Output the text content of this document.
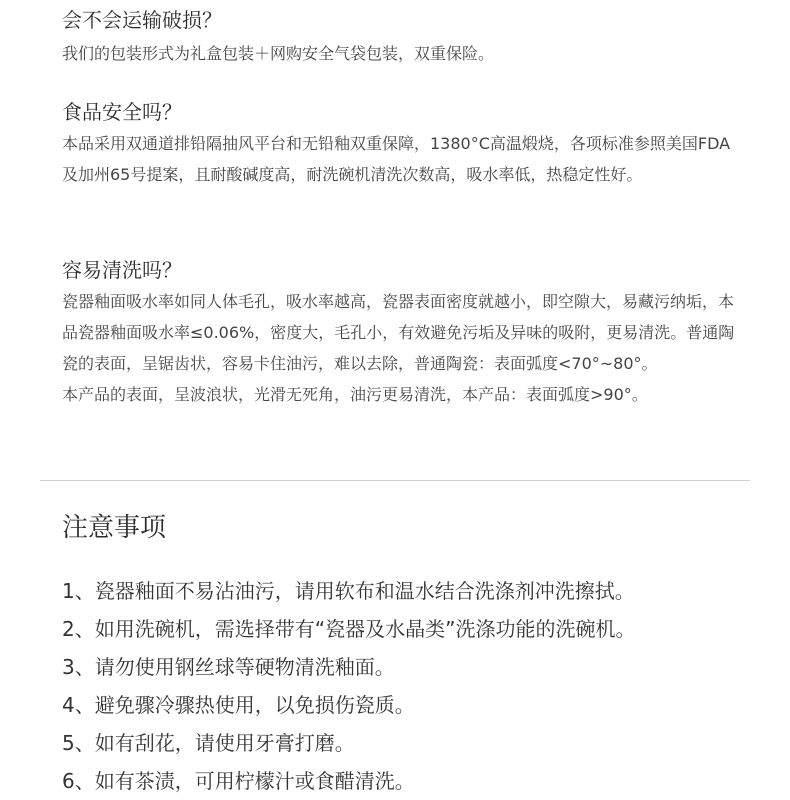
会不会运输破损？

我们的包装形式为礼盒包装＋网购安全气袋包装，双重保险。

食品安全吗？

本品采用双通道排铅隔抽风平台和无铅釉双重保障，1380°C高温煅烧，各项标准参照美国FDA及加州65号提案，且耐酸碱度高，耐洗碗机清洗次数高，吸水率低，热稳定性好。

容易清洗吗？

瓷器釉面吸水率如同人体毛孔，吸水率越高，瓷器表面密度就越小，即空隙大，易藏污纳垢，本品瓷器釉面吸水率≤0.06%，密度大，毛孔小，有效避免污垢及异味的吸附，更易清洗。普通陶瓷的表面，呈锯齿状，容易卡住油污，难以去除，普通陶瓷：表面弧度<70°~80°。

本产品的表面，呈波浪状，光滑无死角，油污更易清洗，本产品：表面弧度>90°。

注意事项
1、瓷器釉面不易沾油污，请用软布和温水结合洗涤剂冲洗擦拭。
2、如用洗碗机，需选择带有“瓷器及水晶类”洗涤功能的洗碗机。
3、请勿使用钢丝球等硬物清洗釉面。
4、避免骤冷骤热使用，以免损伤瓷质。
5、如有刮花，请使用牙膏打磨。
6、如有茶渍，可用柠檬汁或食醋清洗。
